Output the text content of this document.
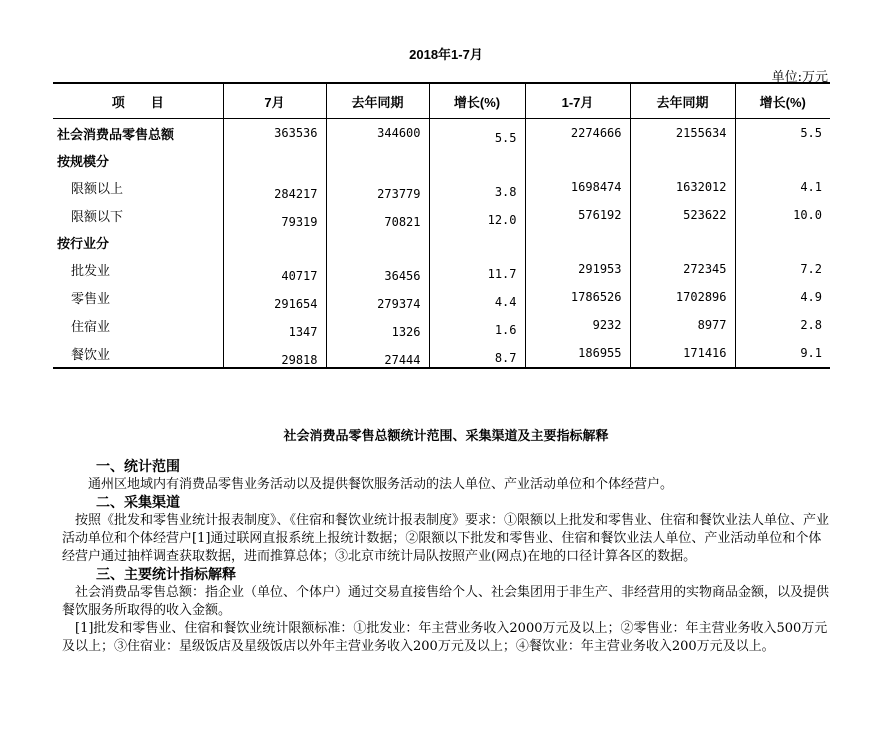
2018年1-7月
单位:万元
项　　目	7月	去年同期	增长(%)	1-7月	去年同期	增长(%)
社会消费品零售总额	363536	344600	5.5	2274666	2155634	5.5
按规模分						
限额以上	284217	273779	3.8	1698474	1632012	4.1
限额以下	79319	70821	12.0	576192	523622	10.0
按行业分						
批发业	40717	36456	11.7	291953	272345	7.2
零售业	291654	279374	4.4	1786526	1702896	4.9
住宿业	1347	1326	1.6	9232	8977	2.8
餐饮业	29818	27444	8.7	186955	171416	9.1
社会消费品零售总额统计范围、采集渠道及主要指标解释

一、统计范围

通州区地域内有消费品零售业务活动以及提供餐饮服务活动的法人单位、产业活动单位和个体经营户。

二、采集渠道

按照《批发和零售业统计报表制度》、《住宿和餐饮业统计报表制度》要求：①限额以上批发和零售业、住宿和餐饮业法人单位、产业活动单位和个体经营户[1]通过联网直报系统上报统计数据；②限额以下批发和零售业、住宿和餐饮业法人单位、产业活动单位和个体经营户通过抽样调查获取数据，进而推算总体；③北京市统计局队按照产业(网点)在地的口径计算各区的数据。

三、主要统计指标解释

社会消费品零售总额：指企业（单位、个体户）通过交易直接售给个人、社会集团用于非生产、非经营用的实物商品金额，以及提供餐饮服务所取得的收入金额。

[1]批发和零售业、住宿和餐饮业统计限额标准：①批发业：年主营业务收入2000万元及以上；②零售业：年主营业务收入500万元及以上；③住宿业：星级饭店及星级饭店以外年主营业务收入200万元及以上；④餐饮业：年主营业务收入200万元及以上。
